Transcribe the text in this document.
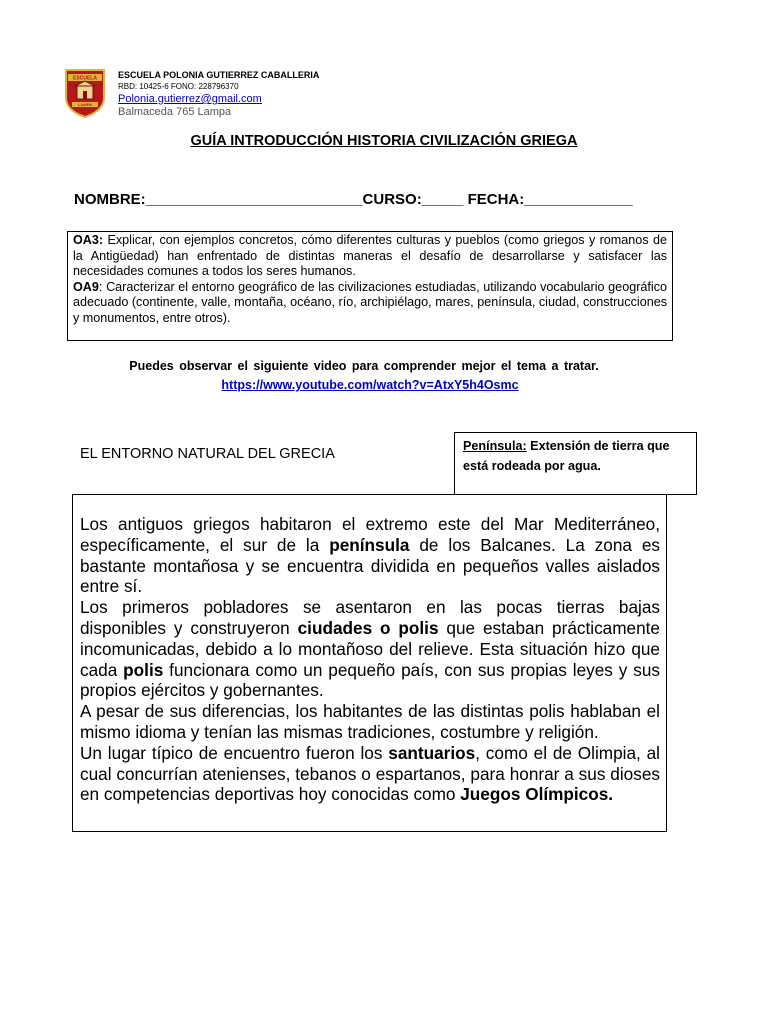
ESCUELA
LAMPA
ESCUELA POLONIA GUTIERREZ CABALLERIA
RBD: 10425-6 FONO: 228796370
Polonia.gutierrez@gmail.com
Balmaceda 765 Lampa
GUÍA INTRODUCCIÓN HISTORIA CIVILIZACIÓN GRIEGA
NOMBRE:__________________________CURSO:_____ FECHA:_____________

OA3: Explicar, con ejemplos concretos, cómo diferentes culturas y pueblos (como griegos y romanos de la Antigüedad) han enfrentado de distintas maneras el desafío de desarrollarse y satisfacer las necesidades comunes a todos los seres humanos.

OA9: Caracterizar el entorno geográfico de las civilizaciones estudiadas, utilizando vocabulario geográfico adecuado (continente, valle, montaña, océano, río, archipiélago, mares, península, ciudad, construcciones y monumentos, entre otros).

Puedes observar el siguiente video para comprender mejor el tema a tratar.
https://www.youtube.com/watch?v=AtxY5h4Osmc
EL ENTORNO NATURAL DEL GRECIA	Península: Extensión de tierra que está rodeada por agua.

Los antiguos griegos habitaron el extremo este del Mar Mediterráneo, específicamente, el sur de la península de los Balcanes. La zona es bastante montañosa y se encuentra dividida en pequeños valles aislados entre sí.

Los primeros pobladores se asentaron en las pocas tierras bajas disponibles y construyeron ciudades o polis que estaban prácticamente incomunicadas, debido a lo montañoso del relieve. Esta situación hizo que cada polis funcionara como un pequeño país, con sus propias leyes y sus propios ejércitos y gobernantes.

A pesar de sus diferencias, los habitantes de las distintas polis hablaban el mismo idioma y tenían las mismas tradiciones, costumbre y religión.

Un lugar típico de encuentro fueron los santuarios, como el de Olimpia, al cual concurrían atenienses, tebanos o espartanos, para honrar a sus dioses en competencias deportivas hoy conocidas como Juegos Olímpicos.
